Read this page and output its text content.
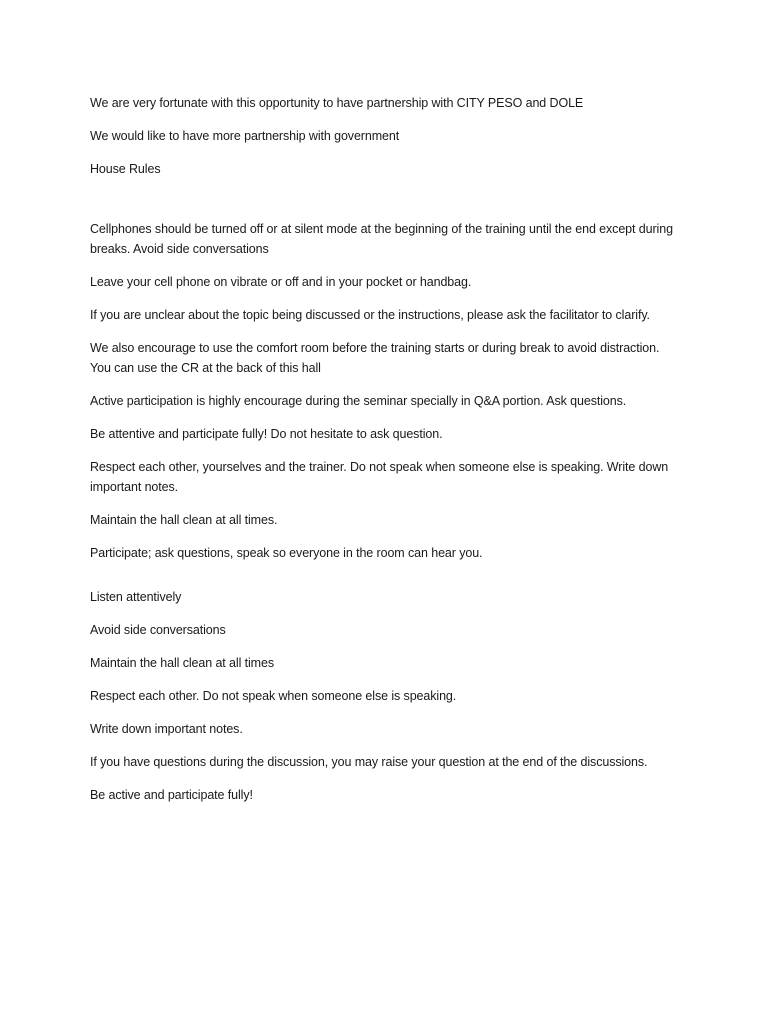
We are very fortunate with this opportunity to have partnership with CITY PESO and DOLE

We would like to have more partnership with government

House Rules

Cellphones should be turned off or at silent mode at the beginning of the training until the end except during breaks. Avoid side conversations

Leave your cell phone on vibrate or off and in your pocket or handbag.

If you are unclear about the topic being discussed or the instructions, please ask the facilitator to clarify.

We also encourage to use the comfort room before the training starts or during break to avoid distraction. You can use the CR at the back of this hall

Active participation is highly encourage during the seminar specially in Q&A portion. Ask questions.

Be attentive and participate fully! Do not hesitate to ask question.

Respect each other, yourselves and the trainer. Do not speak when someone else is speaking. Write down important notes.

Maintain the hall clean at all times.

Participate; ask questions, speak so everyone in the room can hear you.

Listen attentively

Avoid side conversations

Maintain the hall clean at all times

Respect each other. Do not speak when someone else is speaking.

Write down important notes.

If you have questions during the discussion, you may raise your question at the end of the discussions.

Be active and participate fully!
